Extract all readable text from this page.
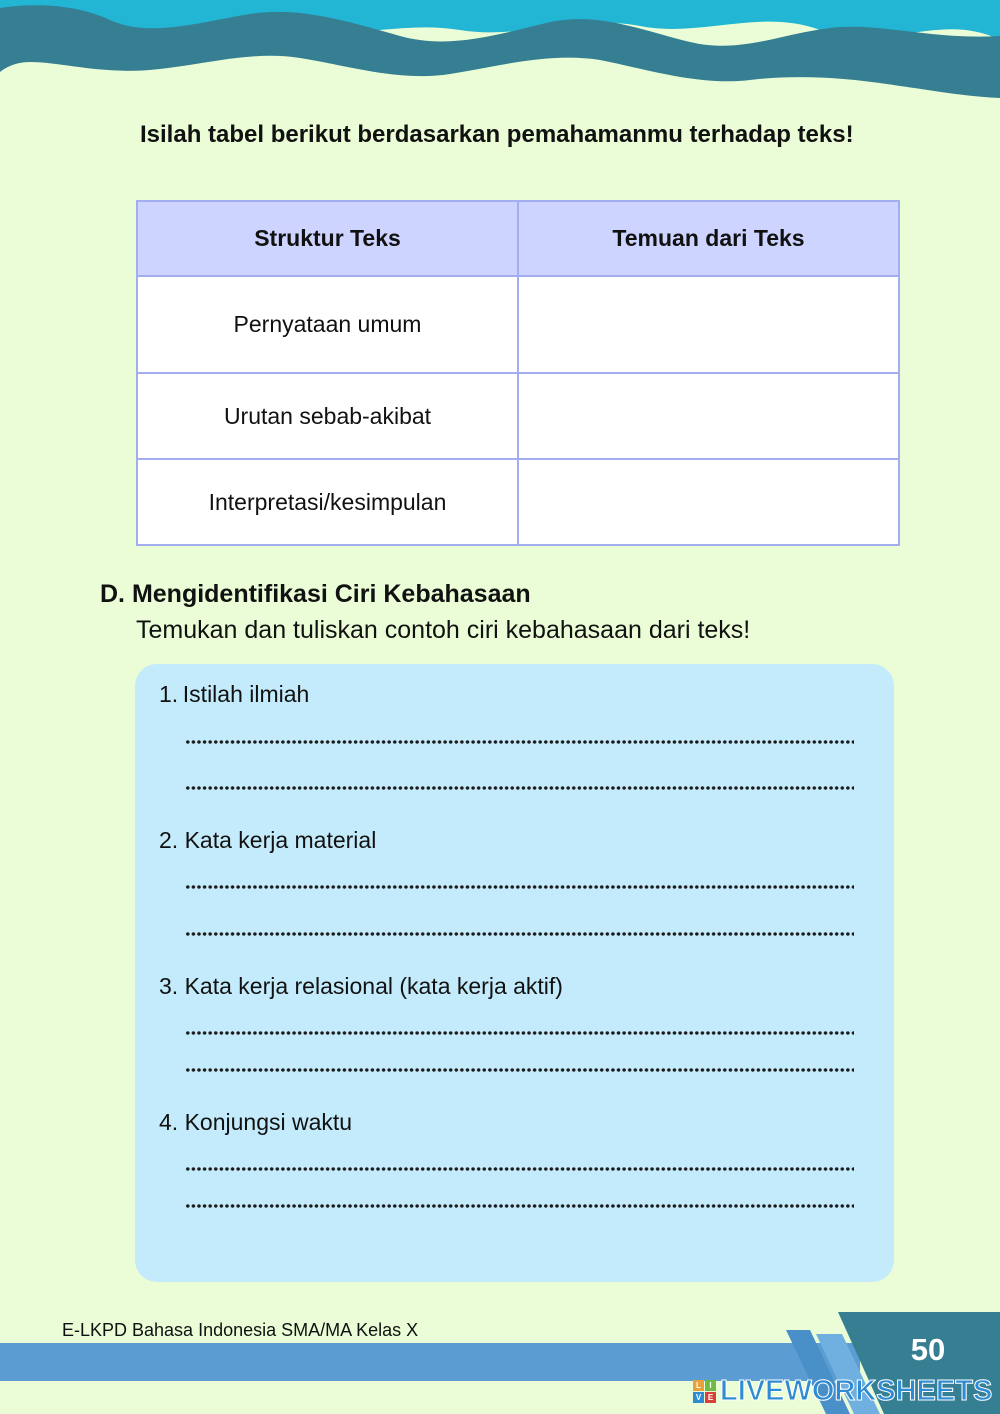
Isilah tabel berikut berdasarkan pemahamanmu terhadap teks!
Struktur Teks	Temuan dari Teks
Pernyataan umum	
Urutan sebab-akibat	
Interpretasi/kesimpulan	
D. Mengidentifikasi Ciri Kebahasaan
Temukan dan tuliskan contoh ciri kebahasaan dari teks!
1. Istilah ilmiah
2. Kata kerja material
3. Kata kerja relasional (kata kerja aktif)
4. Konjungsi waktu
E-LKPD Bahasa Indonesia SMA/MA Kelas X
50
L	I
V E LIVEWORKSHEETS
